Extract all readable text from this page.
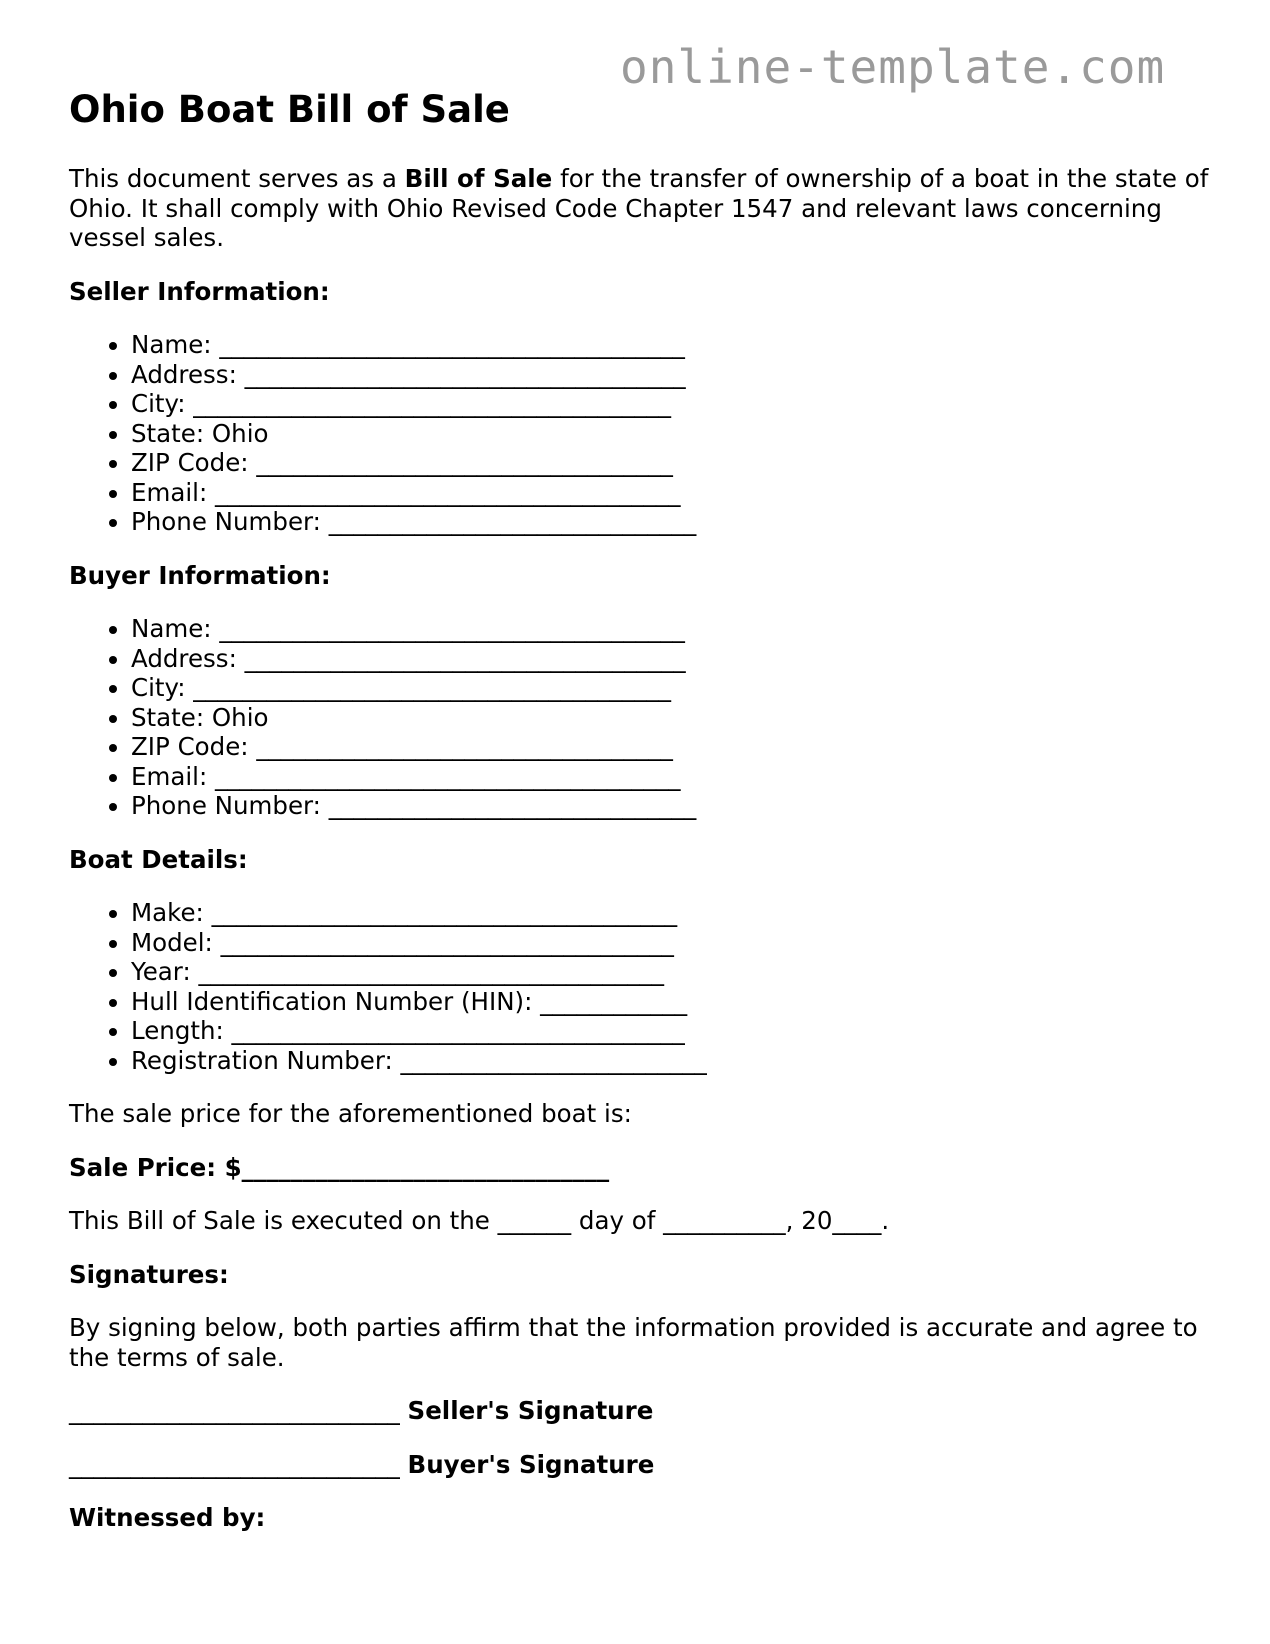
online-template.com
Ohio Boat Bill of Sale

This document serves as a Bill of Sale for the transfer of ownership of a boat in the state of Ohio. It shall comply with Ohio Revised Code Chapter 1547 and relevant laws concerning vessel sales.

Seller Information:

• Name: ______________________________________
• Address: ____________________________________
• City: _______________________________________
• State: Ohio
• ZIP Code: __________________________________
• Email: ______________________________________
• Phone Number: ______________________________

Buyer Information:

• Name: ______________________________________
• Address: ____________________________________
• City: _______________________________________
• State: Ohio
• ZIP Code: __________________________________
• Email: ______________________________________
• Phone Number: ______________________________

Boat Details:

• Make: ______________________________________
• Model: _____________________________________
• Year: ______________________________________
• Hull Identification Number (HIN): ____________
• Length: _____________________________________
• Registration Number: _________________________

The sale price for the aforementioned boat is:

Sale Price: $______________________________

This Bill of Sale is executed on the ______ day of __________, 20____.

Signatures:

By signing below, both parties affirm that the information provided is accurate and agree to the terms of sale.

___________________________ Seller's Signature
___________________________ Buyer's Signature

Witnessed by:
